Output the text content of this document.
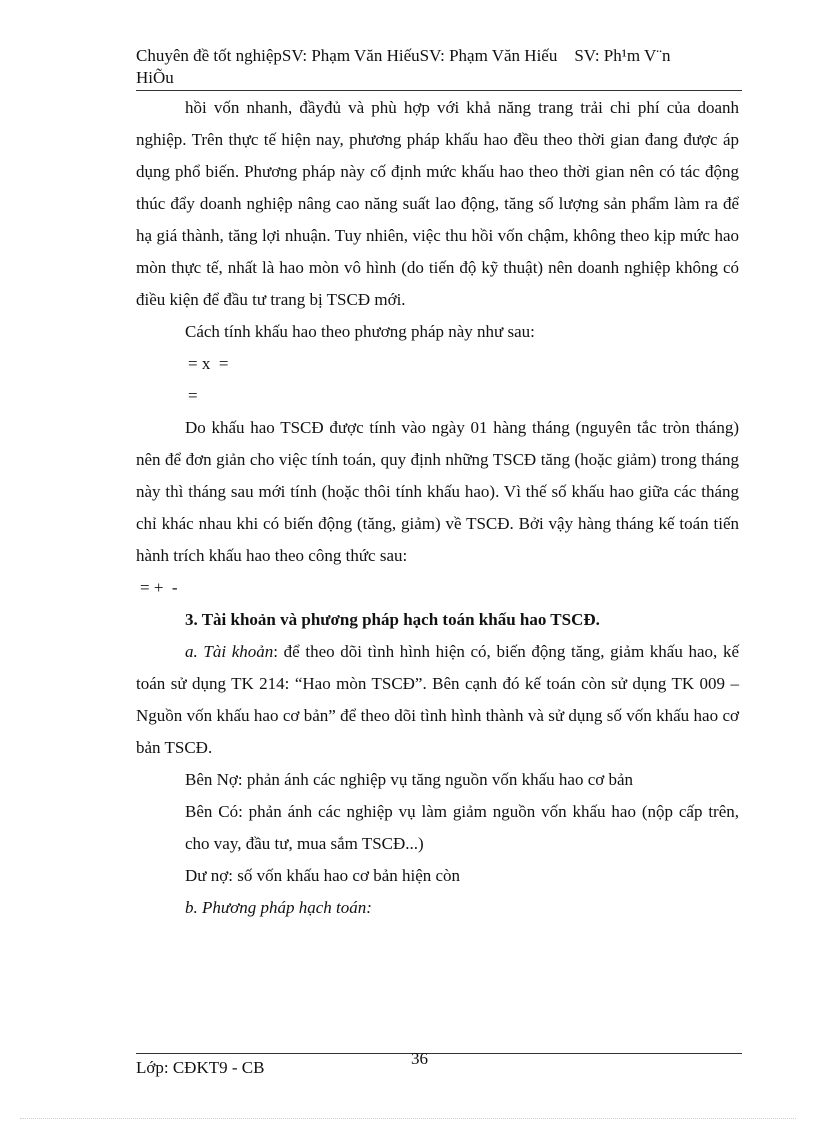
Chuyên đề tốt nghiệpSV: Phạm Văn HiếuSV: Phạm Văn Hiếu    SV: Ph¹m V¨n
HiÕu

hồi vốn nhanh, đầyđủ và phù hợp với khả năng trang trải chi phí của doanh nghiệp. Trên thực tế hiện nay, phương pháp khấu hao đều theo thời gian đang được áp dụng phổ biến. Phương pháp này cố định mức khấu hao theo thời gian nên có tác động thúc đẩy doanh nghiệp nâng cao năng suất lao động, tăng số lượng sản phẩm làm ra để hạ giá thành, tăng lợi nhuận. Tuy nhiên, việc thu hồi vốn chậm, không theo kịp mức hao mòn thực tế, nhất là hao mòn vô hình (do tiến độ kỹ thuật) nên doanh nghiệp không có điều kiện để đầu tư trang bị TSCĐ mới.

Cách tính khấu hao theo phương pháp này như sau:

= x  =

=

Do khấu hao TSCĐ được tính vào ngày 01 hàng tháng (nguyên tắc tròn tháng) nên để đơn giản cho việc tính toán, quy định những TSCĐ tăng (hoặc giảm) trong tháng này thì tháng sau mới tính (hoặc thôi tính khấu hao). Vì thế số khấu hao giữa các tháng chỉ khác nhau khi có biến động (tăng, giảm) về TSCĐ. Bởi vậy hàng tháng kế toán tiến hành trích khấu hao theo công thức sau:

= +  -

3. Tài khoản và phương pháp hạch toán khấu hao TSCĐ.

a. Tài khoản: để theo dõi tình hình hiện có, biến động tăng, giảm khấu hao, kế toán sử dụng TK 214: “Hao mòn TSCĐ”. Bên cạnh đó kế toán còn sử dụng TK 009 – Nguồn vốn khấu hao cơ bản” để theo dõi tình hình thành và sử dụng số vốn khấu hao cơ bản TSCĐ.

Bên Nợ: phản ánh các nghiệp vụ tăng nguồn vốn khấu hao cơ bản

Bên Có: phản ánh các nghiệp vụ làm giảm nguồn vốn khấu hao (nộp cấp trên, cho vay, đầu tư, mua sắm TSCĐ...)

Dư nợ: số vốn khấu hao cơ bản hiện còn

b. Phương pháp hạch toán:

36
Lớp: CĐKT9 - CB
